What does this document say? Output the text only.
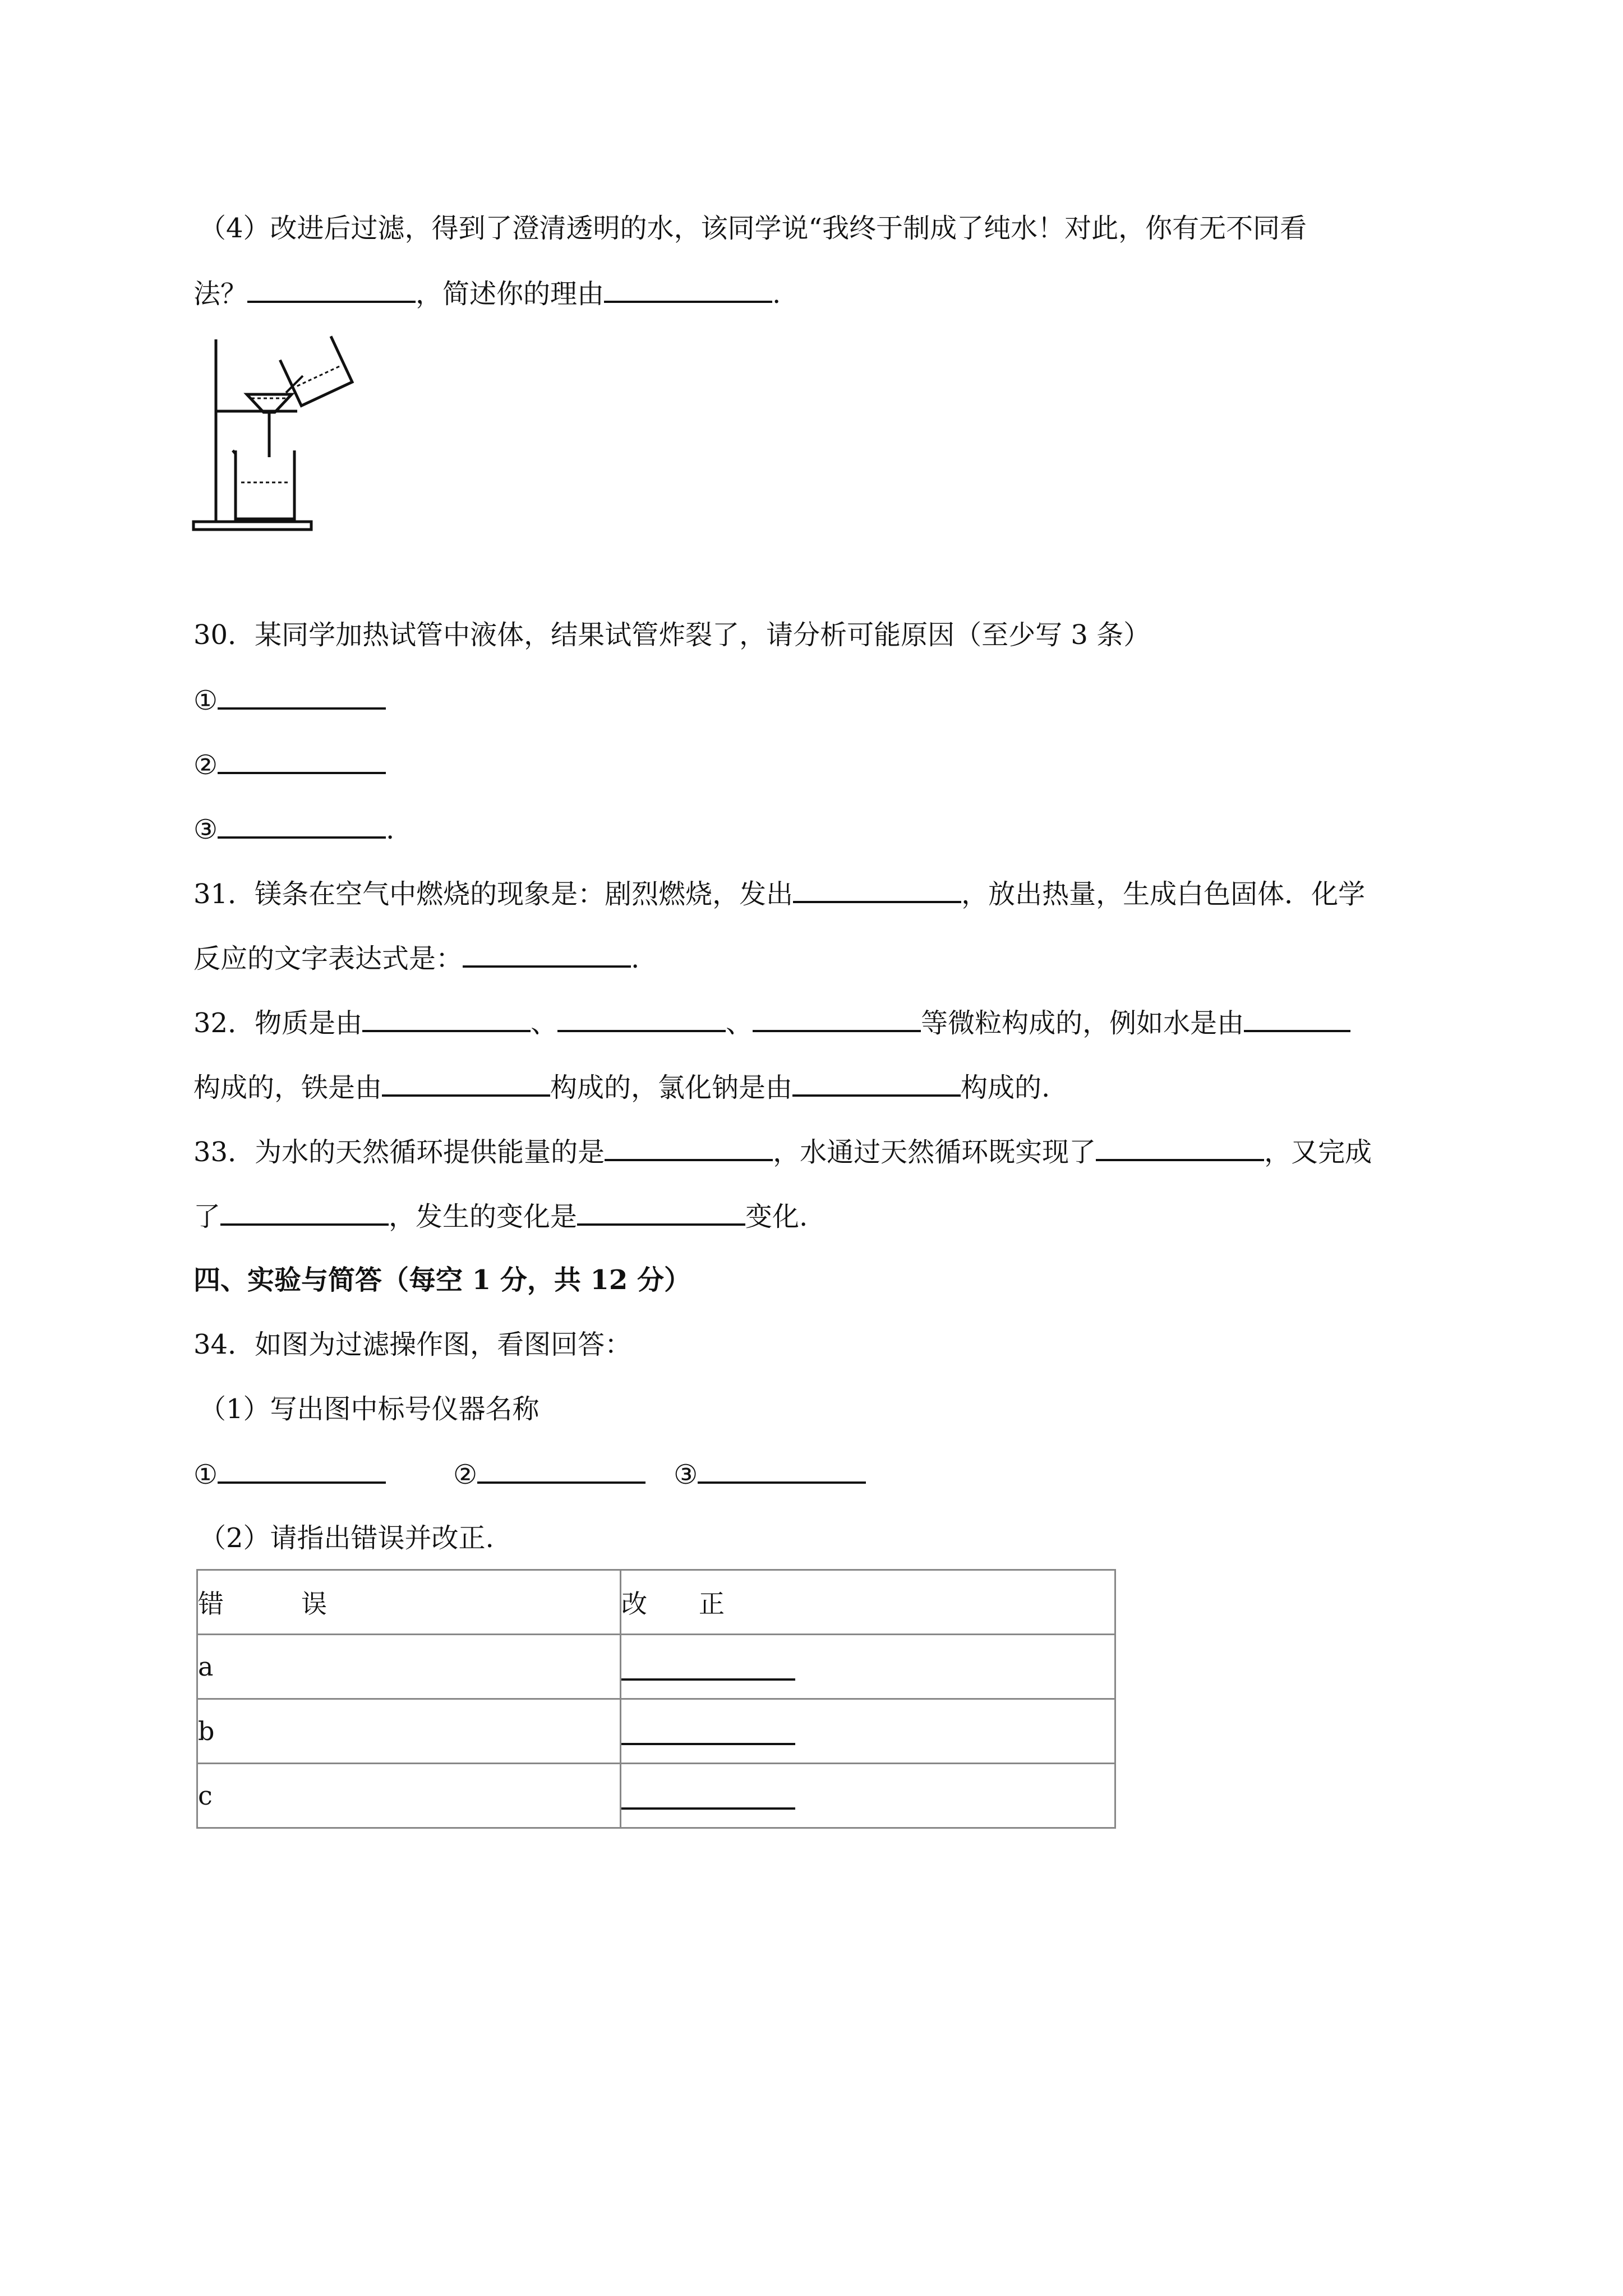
（4）改进后过滤，得到了澄清透明的水，该同学说“我终于制成了纯水！对此，你有无不同看
法？	，简述你的理由	.
30．某同学加热试管中液体，结果试管炸裂了，请分析可能原因（至少写 3 条）
①
②
③	.
31．镁条在空气中燃烧的现象是：剧烈燃烧，发出	，放出热量，生成白色固体．化学
反应的文字表达式是：	.
32．物质是由	、	、	等微粒构成的，例如水是由
构成的，铁是由	构成的，氯化钠是由	构成的.
33．为水的天然循环提供能量的是	，水通过天然循环既实现了	，又完成
了	，发生的变化是	变化.
四、实验与简答（每空 1 分，共 12 分）
34．如图为过滤操作图，看图回答：
（1）写出图中标号仪器名称
①	②	③
（2）请指出错误并改正.
错　　　误	改　　正
a	
b	
c	
